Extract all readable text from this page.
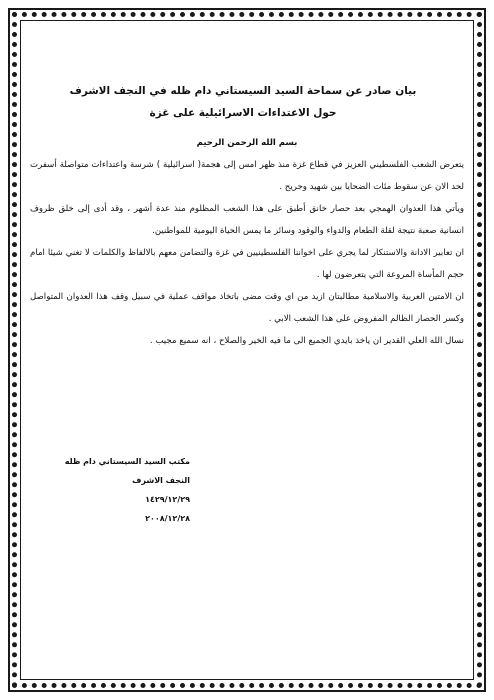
بيان صادر عن سماحة السيد السيستاني دام ظله في النجف الاشرف

حول الاعتداءات الاسرائيلية على غزة

بسم الله الرحمن الرحيم

يتعرض الشعب الفلسطيني العزيز في قطاع غزة منذ ظهر امس إلى هجمة( اسرائيلية ) شرسة واعتداءات متواصلة أسفرت لحد الان عن سقوط مئات الضحايا بين شهيد وجريح .

ويأتي هذا العدوان الهمجي بعد حصار خانق أطبق على هذا الشعب المظلوم منذ عدة أشهر ، وقد أدى إلى خلق ظروف انسانية صعبة نتيجة لقلة الطعام والدواء والوقود وسائر ما يمس الحياة اليومية للمواطنين.

ان تعابير الادانة والاستنكار لما يجري على اخواننا الفلسطينيين في غزة والتضامن معهم بالالفاظ والكلمات لا تغني شيئا امام حجم المأساة المروعة التي يتعرضون لها .

ان الامتين العربية والاسلامية مطالبتان ازيد من اي وقت مضى باتخاذ مواقف عملية في سبيل وقف هذا العدوان المتواصل وكسر الحصار الظالم المفروض على هذا الشعب الابي .

نسال الله العلي القدير ان ياخذ بايدي الجميع الى ما فيه الخير والصلاح ، انه سميع مجيب .

مكتب السيد السيستاني دام ظله
النجف الاشرف
١٤٢٩/١٢/٢٩
٢٠٠٨/١٢/٢٨
